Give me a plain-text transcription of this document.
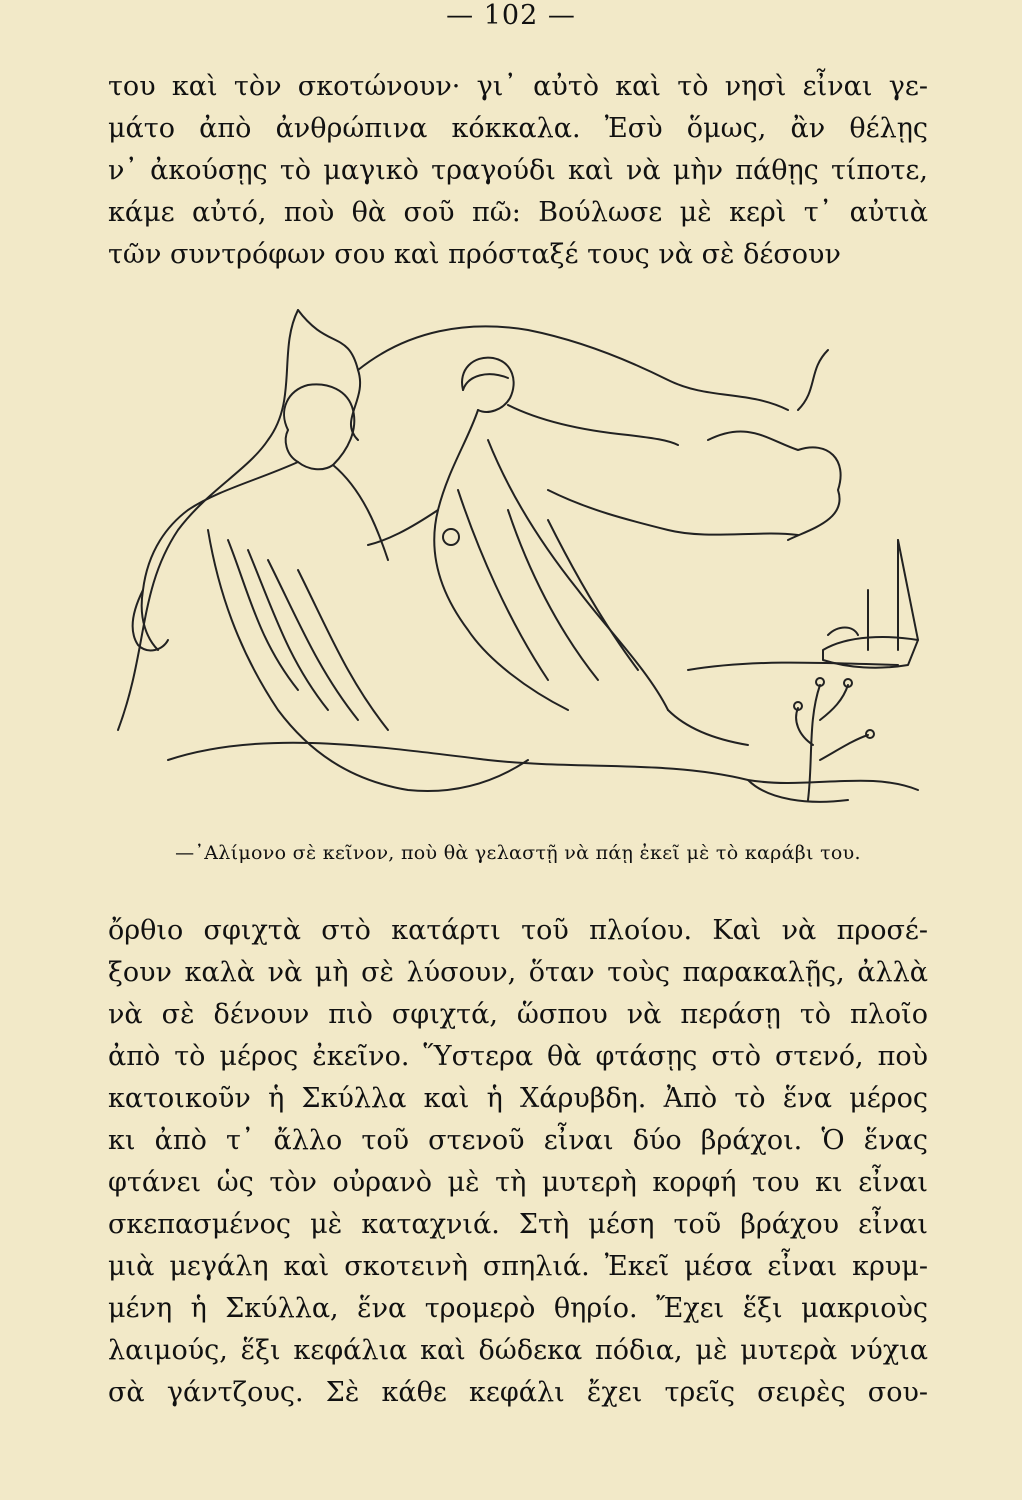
— 102 —
του καὶ τὸν σκοτώνουν· γι᾿ αὐτὸ καὶ τὸ νησὶ εἶναι γε-
μάτο ἀπὸ ἀνθρώπινα κόκκαλα. Ἐσὺ ὅμως, ἂν θέλῃς
ν᾿ ἀκούσῃς τὸ μαγικὸ τραγούδι καὶ νὰ μὴν πάθῃς τίποτε,
κάμε αὐτό, ποὺ θὰ σοῦ πῶ: Βούλωσε μὲ κερὶ τ᾿ αὐτιὰ
τῶν συντρόφων σου καὶ πρόσταξέ τους νὰ σὲ δέσουν
—᾿Αλίμονο σὲ κεῖνον, ποὺ θὰ γελαστῇ νὰ πάῃ ἐκεῖ μὲ τὸ καράβι του.
ὄρθιο σφιχτὰ στὸ κατάρτι τοῦ πλοίου. Καὶ νὰ προσέ-
ξουν καλὰ νὰ μὴ σὲ λύσουν, ὅταν τοὺς παρακαλῇς, ἀλλὰ
νὰ σὲ δένουν πιὸ σφιχτά, ὥσπου νὰ περάσῃ τὸ πλοῖο
ἀπὸ τὸ μέρος ἐκεῖνο. Ὕστερα θὰ φτάσῃς στὸ στενό, ποὺ
κατοικοῦν ἡ Σκύλλα καὶ ἡ Χάρυβδη. Ἀπὸ τὸ ἕνα μέρος
κι ἀπὸ τ᾿ ἄλλο τοῦ στενοῦ εἶναι δύο βράχοι. Ὁ ἕνας
φτάνει ὡς τὸν οὐρανὸ μὲ τὴ μυτερὴ κορφή του κι εἶναι
σκεπασμένος μὲ καταχνιά. Στὴ μέση τοῦ βράχου εἶναι
μιὰ μεγάλη καὶ σκοτεινὴ σπηλιά. Ἐκεῖ μέσα εἶναι κρυμ-
μένη ἡ Σκύλλα, ἕνα τρομερὸ θηρίο. Ἔχει ἕξι μακριοὺς
λαιμούς, ἕξι κεφάλια καὶ δώδεκα πόδια, μὲ μυτερὰ νύχια
σὰ γάντζους. Σὲ κάθε κεφάλι ἔχει τρεῖς σειρὲς σου-
